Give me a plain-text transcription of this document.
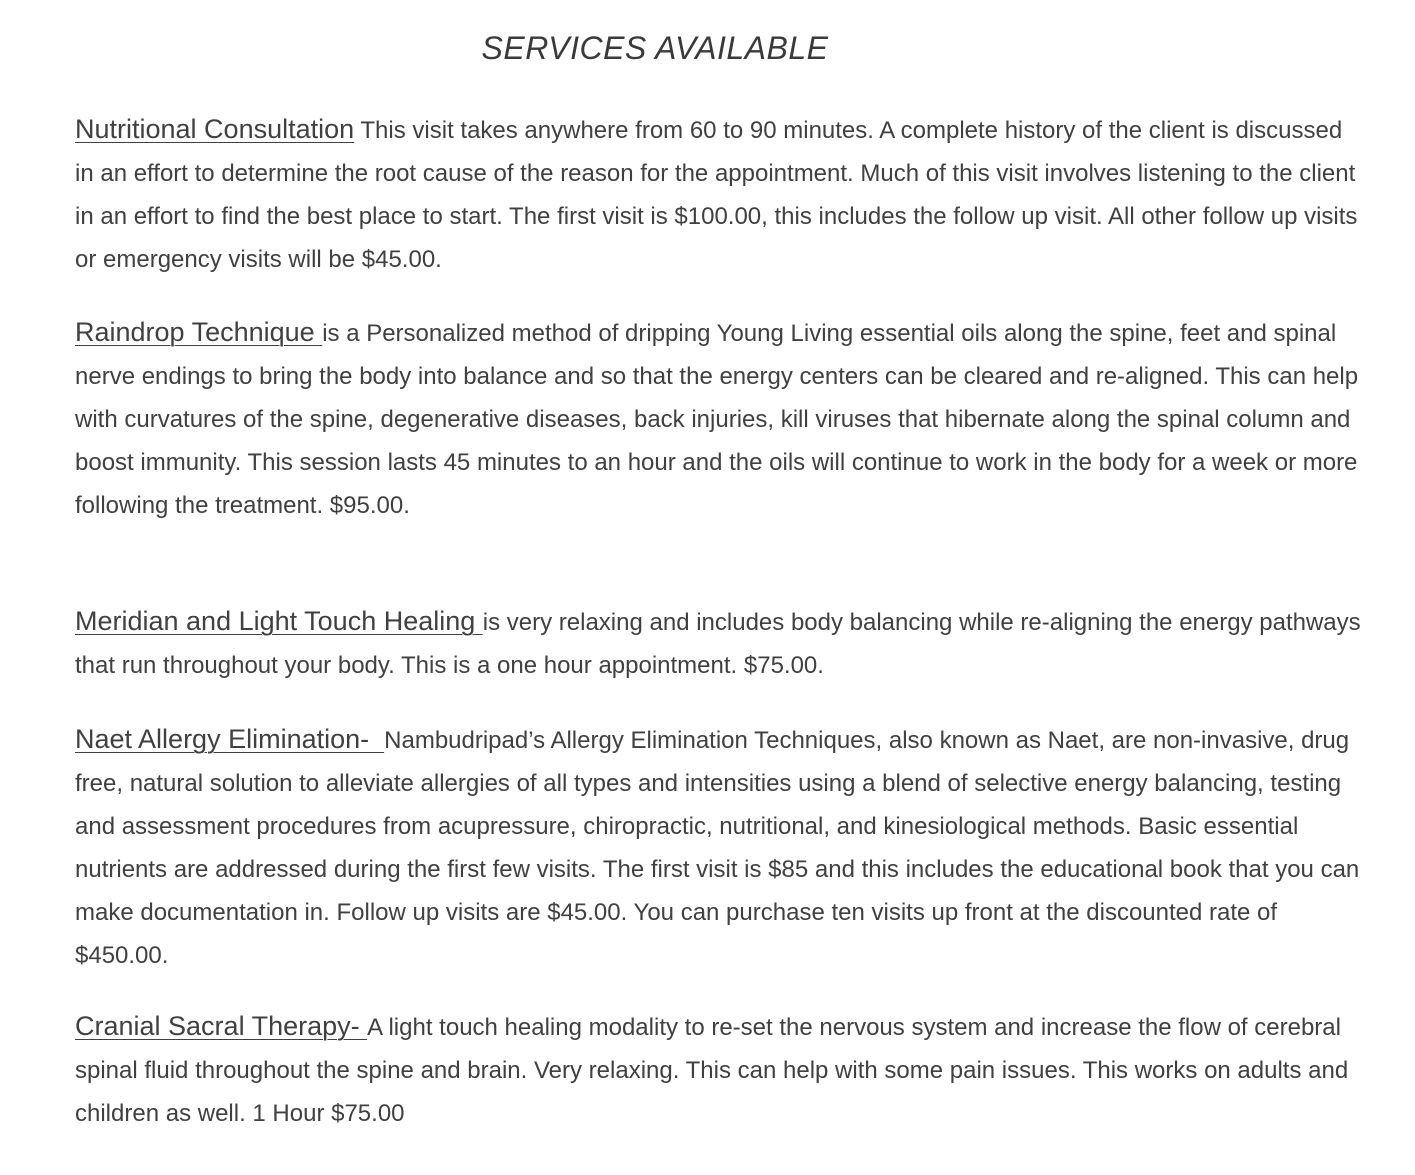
SERVICES AVAILABLE

Nutritional Consultation This visit takes anywhere from 60 to 90 minutes. A complete history of the client is discussed in an effort to determine the root cause of the reason for the appointment. Much of this visit involves listening to the client in an effort to find the best place to start. The first visit is $100.00, this includes the follow up visit. All other follow up visits or emergency visits will be $45.00.

Raindrop Technique is a Personalized method of dripping Young Living essential oils along the spine, feet and spinal nerve endings to bring the body into balance and so that the energy centers can be cleared and re-aligned. This can help with curvatures of the spine, degenerative diseases, back injuries, kill viruses that hibernate along the spinal column and boost immunity. This session lasts 45 minutes to an hour and the oils will continue to work in the body for a week or more following the treatment. $95.00.

Meridian and Light Touch Healing is very relaxing and includes body balancing while re-aligning the energy pathways that run throughout your body. This is a one hour appointment. $75.00.

Naet Allergy Elimination-  Nambudripad’s Allergy Elimination Techniques, also known as Naet, are non-invasive, drug free, natural solution to alleviate allergies of all types and intensities using a blend of selective energy balancing, testing and assessment procedures from acupressure, chiropractic, nutritional, and kinesiological methods. Basic essential nutrients are addressed during the first few visits. The first visit is $85 and this includes the educational book that you can make documentation in. Follow up visits are $45.00. You can purchase ten visits up front at the discounted rate of $450.00.

Cranial Sacral Therapy- A light touch healing modality to re-set the nervous system and increase the flow of cerebral spinal fluid throughout the spine and brain. Very relaxing. This can help with some pain issues. This works on adults and children as well. 1 Hour $75.00
